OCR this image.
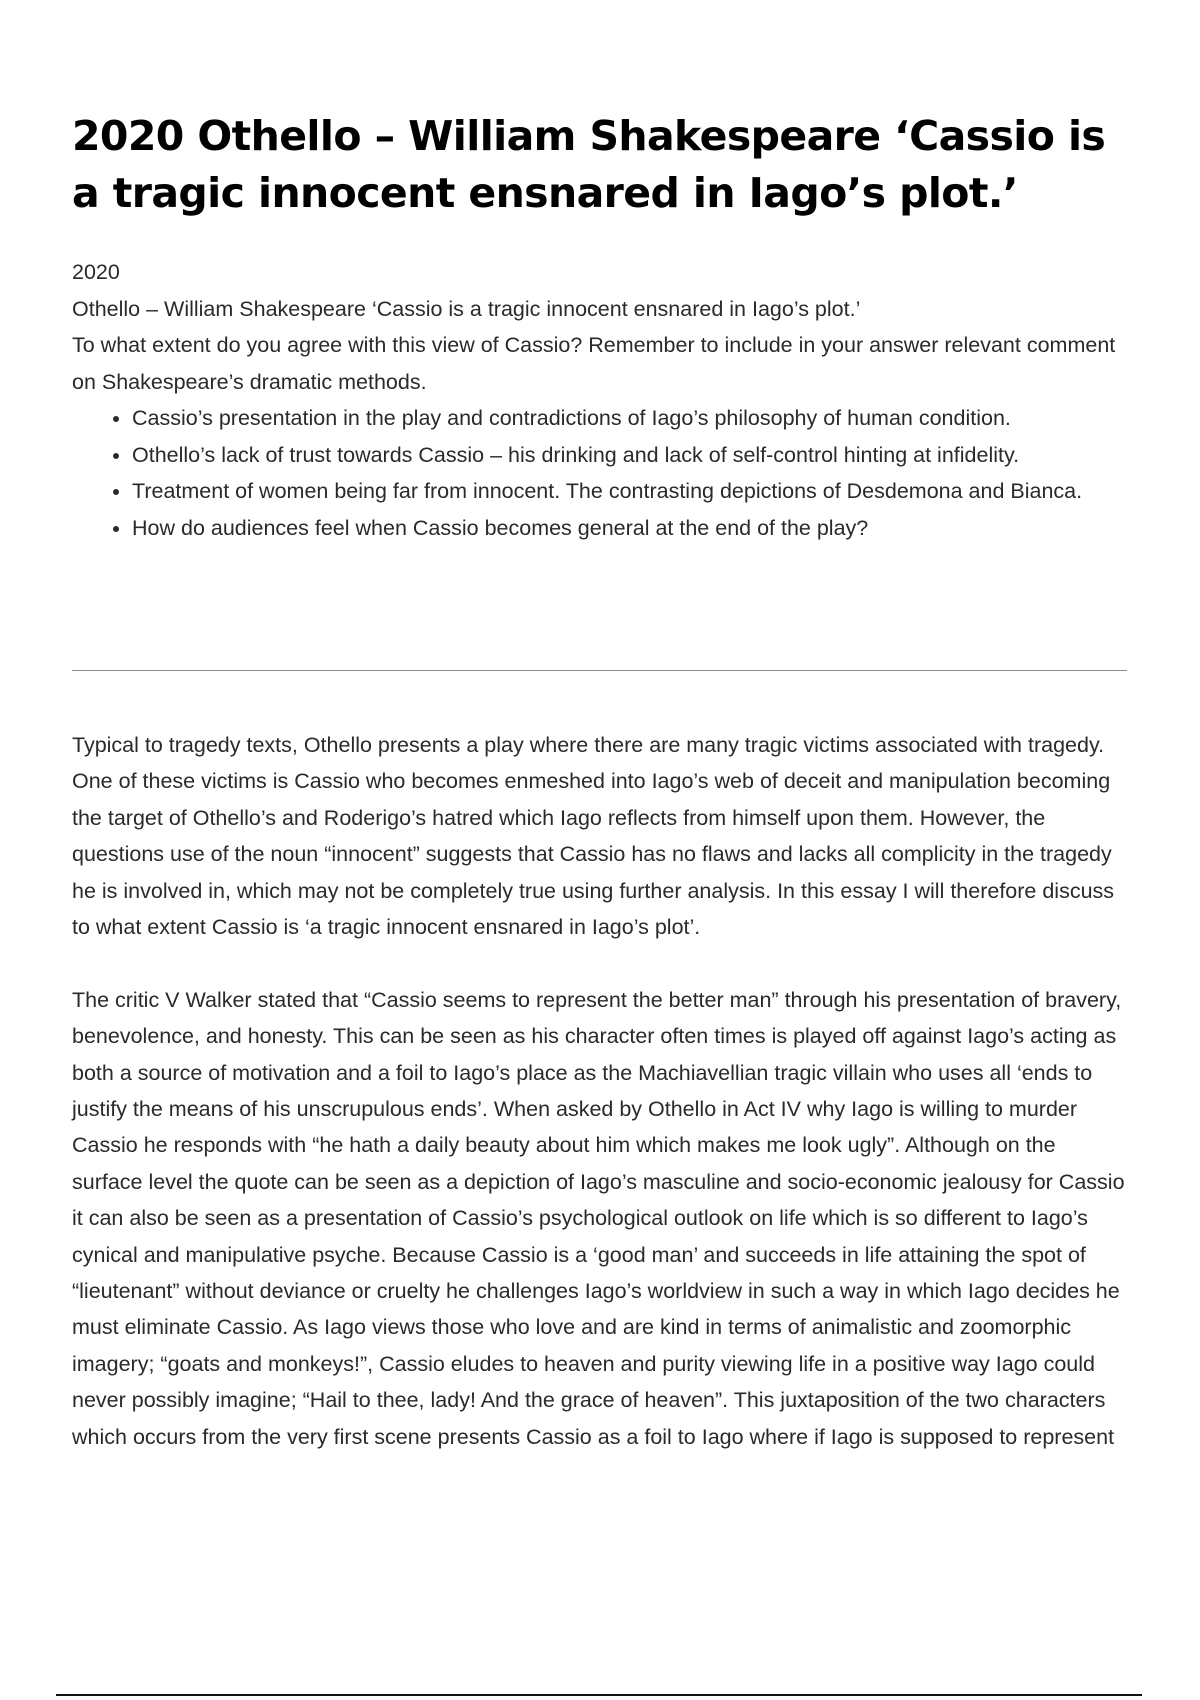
2020 Othello – William Shakespeare ‘Cassio is a tragic innocent ensnared in Iago’s plot.’

2020

Othello – William Shakespeare ‘Cassio is a tragic innocent ensnared in Iago’s plot.’

To what extent do you agree with this view of Cassio? Remember to include in your answer relevant comment on Shakespeare’s dramatic methods.

• Cassio’s presentation in the play and contradictions of Iago’s philosophy of human condition.
• Othello’s lack of trust towards Cassio – his drinking and lack of self-control hinting at infidelity.
• Treatment of women being far from innocent. The contrasting depictions of Desdemona and Bianca.
• How do audiences feel when Cassio becomes general at the end of the play?

Typical to tragedy texts, Othello presents a play where there are many tragic victims associated with tragedy. One of these victims is Cassio who becomes enmeshed into Iago’s web of deceit and manipulation becoming the target of Othello’s and Roderigo’s hatred which Iago reflects from himself upon them. However, the questions use of the noun “innocent” suggests that Cassio has no flaws and lacks all complicity in the tragedy he is involved in, which may not be completely true using further analysis. In this essay I will therefore discuss to what extent Cassio is ‘a tragic innocent ensnared in Iago’s plot’.

The critic V Walker stated that “Cassio seems to represent the better man” through his presentation of bravery, benevolence, and honesty. This can be seen as his character often times is played off against Iago’s acting as both a source of motivation and a foil to Iago’s place as the Machiavellian tragic villain who uses all ‘ends to justify the means of his unscrupulous ends’. When asked by Othello in Act IV why Iago is willing to murder Cassio he responds with “he hath a daily beauty about him which makes me look ugly”. Although on the surface level the quote can be seen as a depiction of Iago’s masculine and socio-economic jealousy for Cassio it can also be seen as a presentation of Cassio’s psychological outlook on life which is so different to Iago’s cynical and manipulative psyche. Because Cassio is a ‘good man’ and succeeds in life attaining the spot of “lieutenant” without deviance or cruelty he challenges Iago’s worldview in such a way in which Iago decides he must eliminate Cassio. As Iago views those who love and are kind in terms of animalistic and zoomorphic imagery; “goats and monkeys!”, Cassio eludes to heaven and purity viewing life in a positive way Iago could never possibly imagine; “Hail to thee, lady! And the grace of heaven”. This juxtaposition of the two characters which occurs from the very first scene presents Cassio as a foil to Iago where if Iago is supposed to represent
